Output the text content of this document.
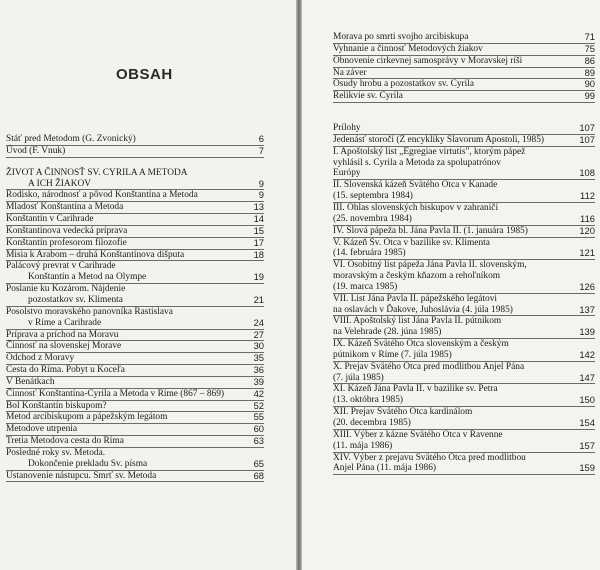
OBSAH
Stáť pred Metodom (G. Zvonický)	6
Úvod (F. Vnuk)	7
ŽIVOT A ČINNOSŤ SV. CYRILA A METODA
A ICH ŽIAKOV	9
Rodisko, národnosť a pôvod Konštantína a Metoda	9
Mladosť Konštantína a Metoda	13
Konštantín v Carihrade	14
Konštantínova vedecká príprava	15
Konštantín profesorom filozofie	17
Misia k Arabom – druhá Konštantínova dišputa	18
Palácový prevrat v Carihrade
Konštantín a Metod na Olympe	19
Poslanie ku Kozárom. Nájdenie
pozostatkov sv. Klimenta	21
Posolstvo moravského panovníka Rastislava
v Ríme a Carihrade	24
Príprava a príchod na Moravu	27
Činnosť na slovenskej Morave	30
Odchod z Moravy	35
Cesta do Ríma. Pobyt u Koceľa	36
V Benátkach	39
Činnosť Konštantína-Cyrila a Metoda v Ríme (867 – 869)	42
Bol Konštantín biskupom?	52
Metod arcibiskupom a pápežským legátom	55
Metodove utrpenia	60
Tretia Metodova cesta do Ríma	63
Posledné roky sv. Metoda.
Dokončenie prekladu Sv. písma	65
Ustanovenie nástupcu. Smrť sv. Metoda	68
Morava po smrti svojho arcibiskupa	71
Vyhnanie a činnosť Metodových žiakov	75
Obnovenie cirkevnej samosprávy v Moravskej ríši	86
Na záver	89
Osudy hrobu a pozostatkov sv. Cyrila	90
Relikvie sv. Cyrila	99
Prílohy	107
Jedenásť storočí (Z encykliky Slavorum Apostoli, 1985)	107
I. Apoštolský list „Egregiae virtutis", ktorým pápež
vyhlásil s. Cyrila a Metoda za spolupatrónov
Európy	108
II. Slovenská kázeň Svätého Otca v Kanade
(15. septembra 1984)	112
III. Ohlas slovenských biskupov v zahraničí
(25. novembra 1984)	116
IV. Slová pápeža bl. Jána Pavla II. (1. januára 1985)	120
V. Kázeň Sv. Otca v bazilike sv. Klimenta
(14. februára 1985)	121
VI. Osobitný list pápeža Jána Pavla II. slovenským,
moravským a českým kňazom a rehoľníkom
(19. marca 1985)	126
VII. List Jána Pavla II. pápežského legátovi
na oslavách v Ďakove, Juhoslávia (4. júla 1985)	137
VIII. Apoštolský list Jána Pavla II. pútnikom
na Velehrade (28. júna 1985)	139
IX. Kázeň Svätého Otca slovenským a českým
pútnikom v Ríme (7. júla 1985)	142
X. Prejav Svätého Otca pred modlitbou Anjel Pána
(7. júla 1985)	147
XI. Kázeň Jána Pavla II. v bazilike sv. Petra
(13. októbra 1985)	150
XII. Prejav Svätého Otca kardinálom
(20. decembra 1985)	154
XIII. Výber z kázne Svätého Otca v Ravenne
(11. mája 1986)	157
XIV. Výber z prejavu Svätého Otca pred modlitbou
Anjel Pána (11. mája 1986)	159
